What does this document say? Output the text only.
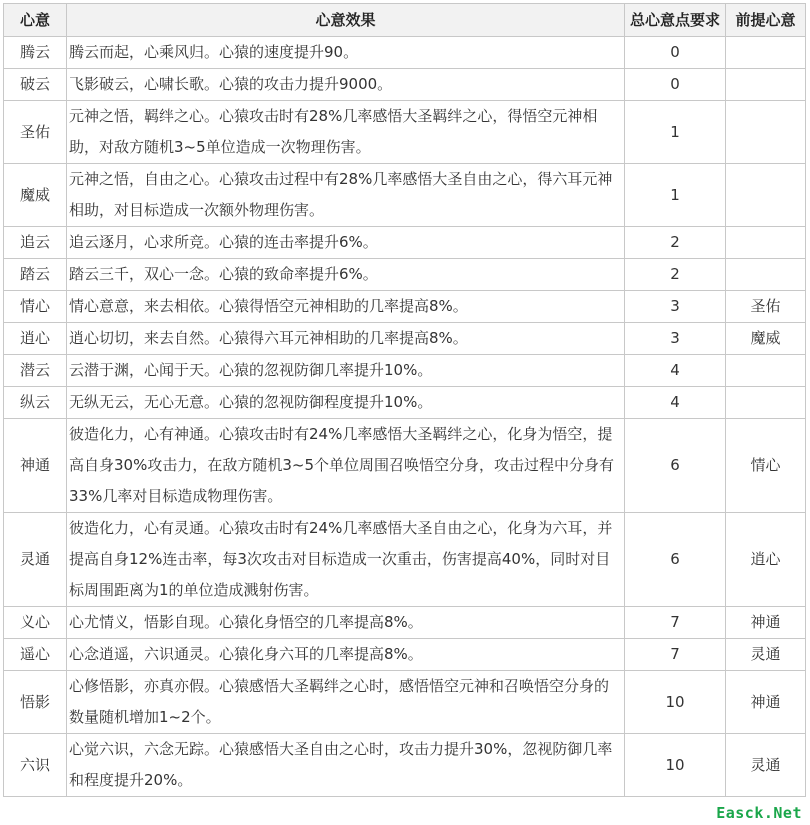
心意	心意效果	总心意点要求	前提心意
腾云	腾云而起，心乘风归。心猿的速度提升90。	0	
破云	飞影破云，心啸长歌。心猿的攻击力提升9000。	0	
圣佑	元神之悟，羁绊之心。心猿攻击时有28%几率感悟大圣羁绊之心，得悟空元神相助，对敌方随机3~5单位造成一次物理伤害。	1	
魔威	元神之悟，自由之心。心猿攻击过程中有28%几率感悟大圣自由之心，得六耳元神相助，对目标造成一次额外物理伤害。	1	
追云	追云逐月，心求所竞。心猿的连击率提升6%。	2	
踏云	踏云三千，双心一念。心猿的致命率提升6%。	2	
情心	情心意意，来去相依。心猿得悟空元神相助的几率提高8%。	3	圣佑
逍心	逍心切切，来去自然。心猿得六耳元神相助的几率提高8%。	3	魔威
潜云	云潜于渊，心闻于天。心猿的忽视防御几率提升10%。	4	
纵云	无纵无云，无心无意。心猿的忽视防御程度提升10%。	4	
神通	彼造化力，心有神通。心猿攻击时有24%几率感悟大圣羁绊之心，化身为悟空，提高自身30%攻击力，在敌方随机3~5个单位周围召唤悟空分身，攻击过程中分身有33%几率对目标造成物理伤害。	6	情心
灵通	彼造化力，心有灵通。心猿攻击时有24%几率感悟大圣自由之心，化身为六耳，并提高自身12%连击率，每3次攻击对目标造成一次重击，伤害提高40%，同时对目标周围距离为1的单位造成溅射伤害。	6	逍心
义心	心尤情义，悟影自现。心猿化身悟空的几率提高8%。	7	神通
遥心	心念逍遥，六识通灵。心猿化身六耳的几率提高8%。	7	灵通
悟影	心修悟影，亦真亦假。心猿感悟大圣羁绊之心时，感悟悟空元神和召唤悟空分身的数量随机增加1~2个。	10	神通
六识	心觉六识，六念无踪。心猿感悟大圣自由之心时，攻击力提升30%，忽视防御几率和程度提升20%。	10	灵通
Easck.Net
